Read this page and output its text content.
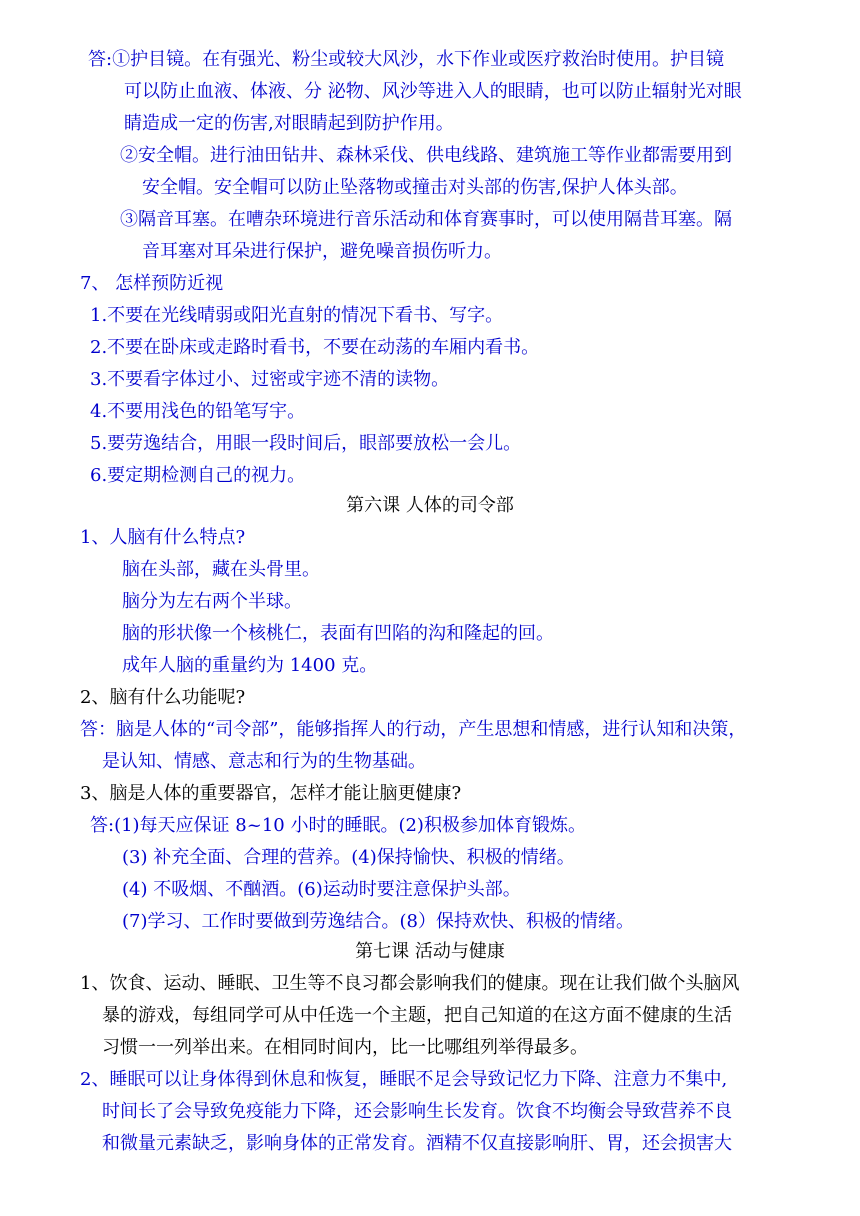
答:①护目镜。在有强光、粉尘或较大风沙，水下作业或医疗救治时使用。护目镜
可以防止血液、体液、分 泌物、风沙等进入人的眼睛，也可以防止辐射光对眼
睛造成一定的伤害,对眼睛起到防护作用。
②安全帽。进行油田钻井、森林采伐、供电线路、建筑施工等作业都需要用到
安全帽。安全帽可以防止坠落物或撞击对头部的伤害,保护人体头部。
③隔音耳塞。在嘈杂环境进行音乐活动和体育赛事时，可以使用隔昔耳塞。隔
音耳塞对耳朵进行保护，避免噪音损伤听力。
7、 怎样预防近视
1.不要在光线晴弱或阳光直射的情况下看书、写字。
2.不要在卧床或走路时看书，不要在动荡的车厢内看书。
3.不要看字体过小、过密或宇迹不清的读物。
4.不要用浅色的铅笔写宇。
5.要劳逸结合，用眼一段时间后，眼部要放松一会儿。
6.要定期检测自己的视力。
第六课 人体的司令部
1、人脑有什么特点?
脑在头部，藏在头骨里。
脑分为左右两个半球。
脑的形状像一个核桃仁，表面有凹陷的沟和隆起的回。
成年人脑的重量约为 1400 克。
2、脑有什么功能呢?
答：脑是人体的“司令部”，能够指挥人的行动，产生思想和情感，进行认知和决策，
是认知、情感、意志和行为的生物基础。
3、脑是人体的重要器官，怎样才能让脑更健康?
答:(1)每天应保证 8~10 小时的睡眠。(2)积极参加体育锻炼。
(3) 补充全面、合理的营养。(4)保持愉快、积极的情绪。
(4) 不吸烟、不酗酒。(6)运动时要注意保护头部。
(7)学习、工作时要做到劳逸结合。(8）保持欢快、积极的情绪。
第七课 活动与健康
1、饮食、运动、睡眠、卫生等不良习都会影响我们的健康。现在让我们做个头脑风
暴的游戏，每组同学可从中任选一个主题，把自己知道的在这方面不健康的生活
习惯一一列举出来。在相同时间内，比一比哪组列举得最多。
2、睡眠可以让身体得到休息和恢复，睡眠不足会导致记忆力下降、注意力不集中,
时间长了会导致免疫能力下降，还会影响生长发育。饮食不均衡会导致营养不良
和微量元素缺乏，影响身体的正常发育。酒精不仅直接影响肝、胃，还会损害大
